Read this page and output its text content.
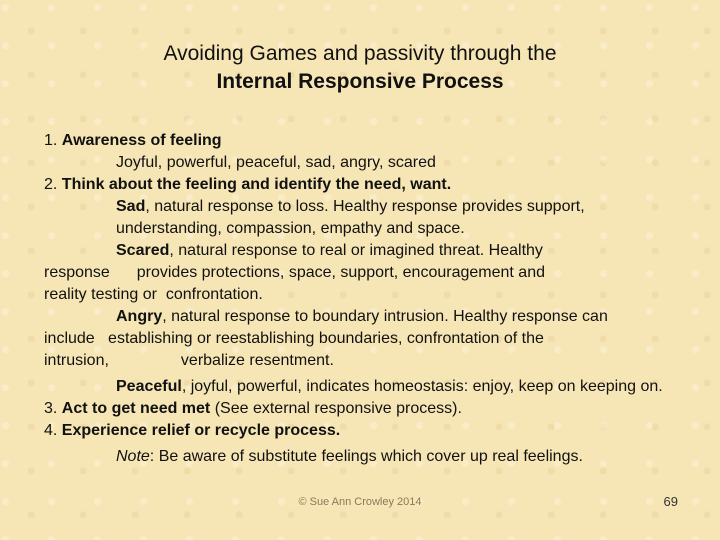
Avoiding Games and passivity through the
Internal Responsive Process

1. Awareness of feeling

Joyful, powerful, peaceful, sad, angry, scared

2. Think about the feeling and identify the need, want.

Sad, natural response to loss. Healthy response provides support, understanding, compassion, empathy and space.

Scared, natural response to real or imagined threat. Healthy
response provides protections, space, support, encouragement and
reality testing or confrontation.

Angry, natural response to boundary intrusion. Healthy response can
include establishing or reestablishing boundaries, confrontation of the
intrusion,	verbalize resentment.

Peaceful, joyful, powerful, indicates homeostasis: enjoy, keep on keeping on.

3. Act to get need met (See external responsive process).

4. Experience relief or recycle process.

Note: Be aware of substitute feelings which cover up real feelings.

© Sue Ann Crowley 2014	69
